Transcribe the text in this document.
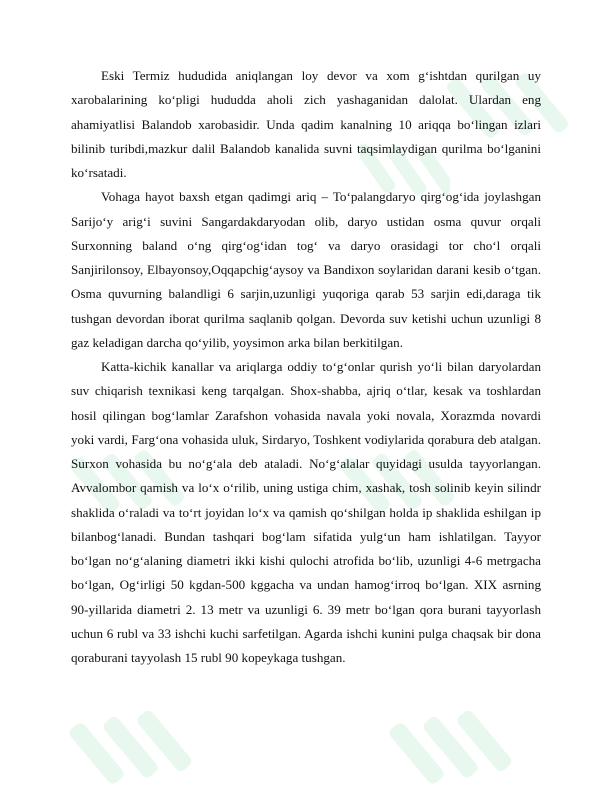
Eski Termiz hududida aniqlangan loy devor va xom g‘ishtdan qurilgan uy xarobalarining ko‘pligi hududda aholi zich yashaganidan dalolat. Ulardan eng ahamiyatlisi Balandob xarobasidir. Unda qadim kanalning 10 ariqqa bo‘lingan izlari bilinib turibdi,mazkur dalil Balandob kanalida suvni taqsimlaydigan qurilma bo‘lganini ko‘rsatadi.

Vohaga hayot baxsh etgan qadimgi ariq – To‘palangdaryo qirg‘og‘ida joylashgan Sarijo‘y arig‘i suvini Sangardakdaryodan olib, daryo ustidan osma quvur orqali Surxonning baland o‘ng qirg‘og‘idan tog‘ va daryo orasidagi tor cho‘l orqali Sanjirilonsoy, Elbayonsoy,Oqqapchig‘aysoy va Bandixon soylaridan darani kesib o‘tgan. Osma quvurning balandligi 6 sarjin,uzunligi yuqoriga qarab 53 sarjin edi,daraga tik tushgan devordan iborat qurilma saqlanib qolgan. Devorda suv ketishi uchun uzunligi 8 gaz keladigan darcha qo‘yilib, yoysimon arka bilan berkitilgan.

Katta-kichik kanallar va ariqlarga oddiy to‘g‘onlar qurish yo‘li bilan daryolardan suv chiqarish texnikasi keng tarqalgan. Shox-shabba, ajriq o‘tlar, kesak va toshlardan hosil qilingan bog‘lamlar Zarafshon vohasida navala yoki novala, Xorazmda novardi yoki vardi, Farg‘ona vohasida uluk, Sirdaryo, Toshkent vodiylarida qorabura deb atalgan. Surxon vohasida bu no‘g‘ala deb ataladi. No‘g‘alalar quyidagi usulda tayyorlangan. Avvalombor qamish va lo‘x o‘rilib, uning ustiga chim, xashak, tosh solinib keyin silindr shaklida o‘raladi va to‘rt joyidan lo‘x va qamish qo‘shilgan holda ip shaklida eshilgan ip bilanbog‘lanadi. Bundan tashqari bog‘lam sifatida yulg‘un ham ishlatilgan. Tayyor bo‘lgan no‘g‘alaning diametri ikki kishi qulochi atrofida bo‘lib, uzunligi 4-6 metrgacha bo‘lgan, Og‘irligi 50 kgdan-500 kggacha va undan hamog‘irroq bo‘lgan. XIX asrning 90-yillarida diametri 2. 13 metr va uzunligi 6. 39 metr bo‘lgan qora burani tayyorlash uchun 6 rubl va 33 ishchi kuchi sarfetilgan. Agarda ishchi kunini pulga chaqsak bir dona qoraburani tayyolash 15 rubl 90 kopeykaga tushgan.
